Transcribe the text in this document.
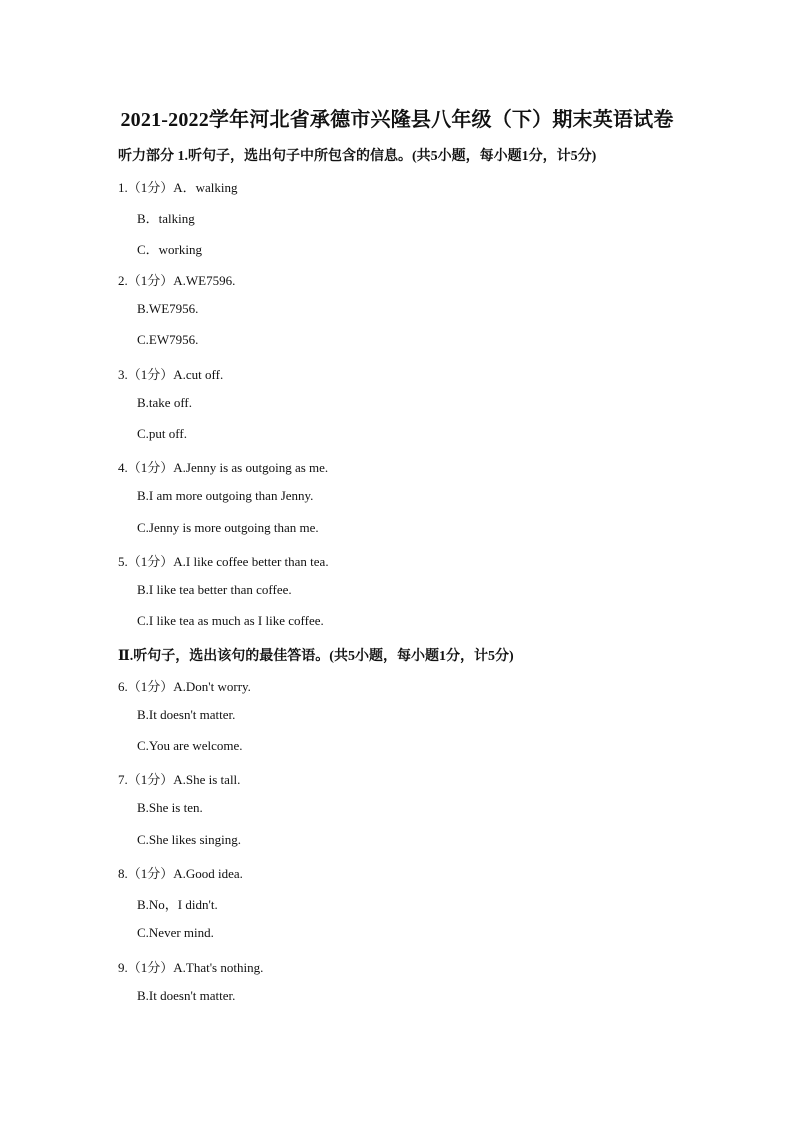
2021-2022学年河北省承德市兴隆县八年级（下）期末英语试卷
听力部分 1.听句子，选出句子中所包含的信息。(共5小题，每小题1分，计5分)
1.（1分）A．walking
B．talking
C．working
2.（1分）A.WE7596.
B.WE7956.
C.EW7956.
3.（1分）A.cut off.
B.take off.
C.put off.
4.（1分）A.Jenny is as outgoing as me.
B.I am more outgoing than Jenny.
C.Jenny is more outgoing than me.
5.（1分）A.I like coffee better than tea.
B.I like tea better than coffee.
C.I like tea as much as I like coffee.
Ⅱ.听句子，选出该句的最佳答语。(共5小题，每小题1分，计5分)
6.（1分）A.Don't worry.
B.It doesn't matter.
C.You are welcome.
7.（1分）A.She is tall.
B.She is ten.
C.She likes singing.
8.（1分）A.Good idea.
B.No，I didn't.
C.Never mind.
9.（1分）A.That's nothing.
B.It doesn't matter.
